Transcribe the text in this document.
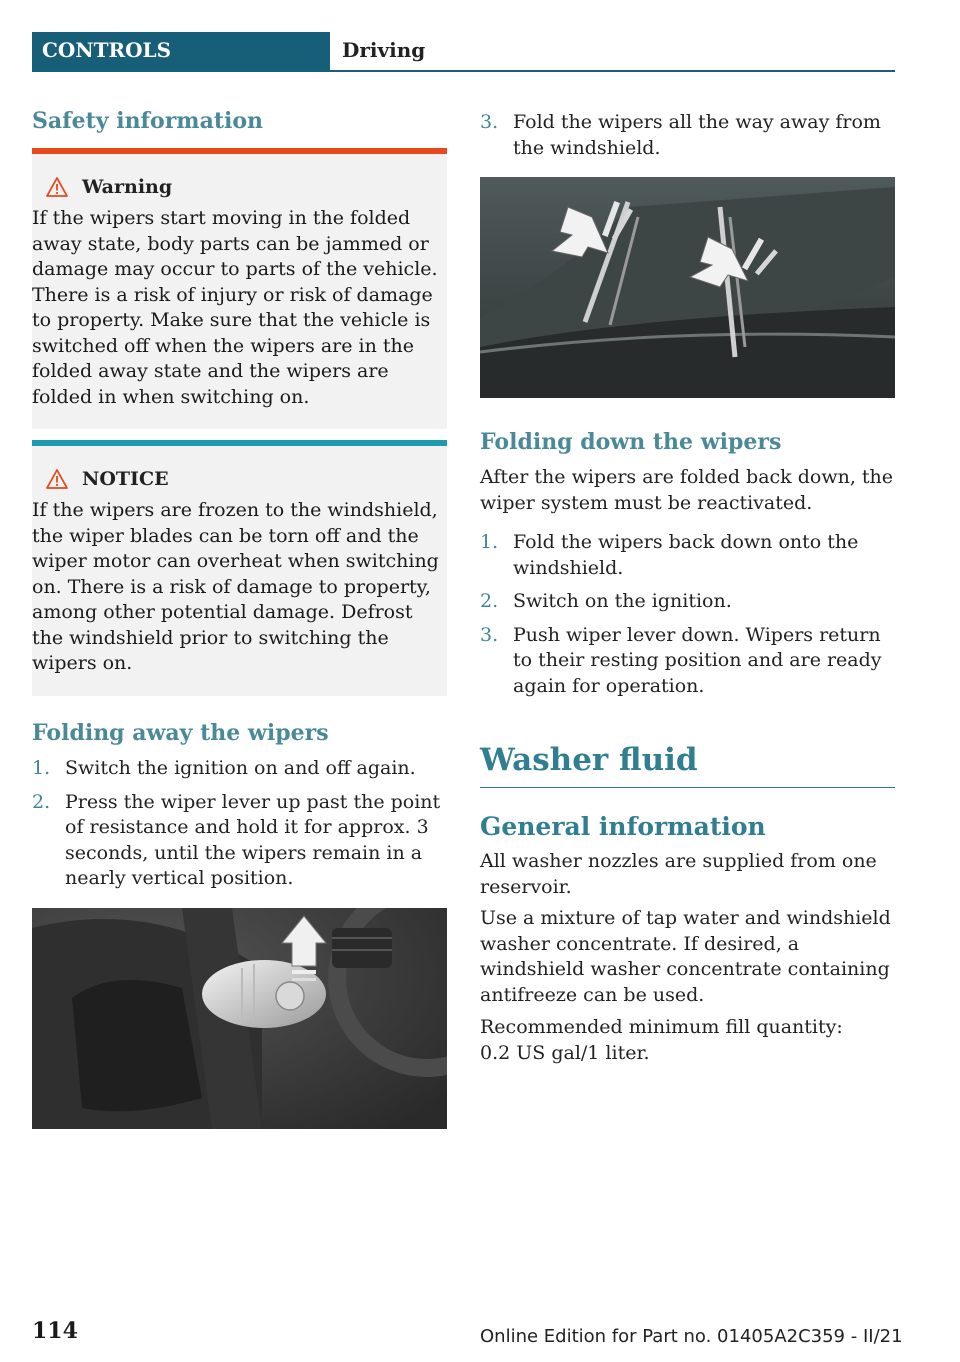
CONTROLS	Driving
Safety information
Warning
If the wipers start moving in the folded away state, body parts can be jammed or damage may occur to parts of the vehicle. There is a risk of injury or risk of damage to property. Make sure that the vehicle is switched off when the wipers are in the folded away state and the wipers are folded in when switching on.
NOTICE
If the wipers are frozen to the windshield, the wiper blades can be torn off and the wiper motor can overheat when switching on. There is a risk of damage to property, among other potential damage. Defrost the windshield prior to switching the wipers on.
Folding away the wipers
1. Switch the ignition on and off again.
2. Press the wiper lever up past the point of resistance and hold it for approx. 3 seconds, until the wipers remain in a nearly vertical position.
3. Fold the wipers all the way away from the windshield.
Folding down the wipers
After the wipers are folded back down, the wiper system must be reactivated.
1. Fold the wipers back down onto the windshield.
2. Switch on the ignition.
3. Push wiper lever down. Wipers return to their resting position and are ready again for operation.
Washer fluid
General information
All washer nozzles are supplied from one reservoir.
Use a mixture of tap water and windshield washer concentrate. If desired, a windshield washer concentrate containing antifreeze can be used.
Recommended minimum fill quantity:
0.2 US gal/1 liter.
114	Online Edition for Part no. 01405A2C359 - II/21
